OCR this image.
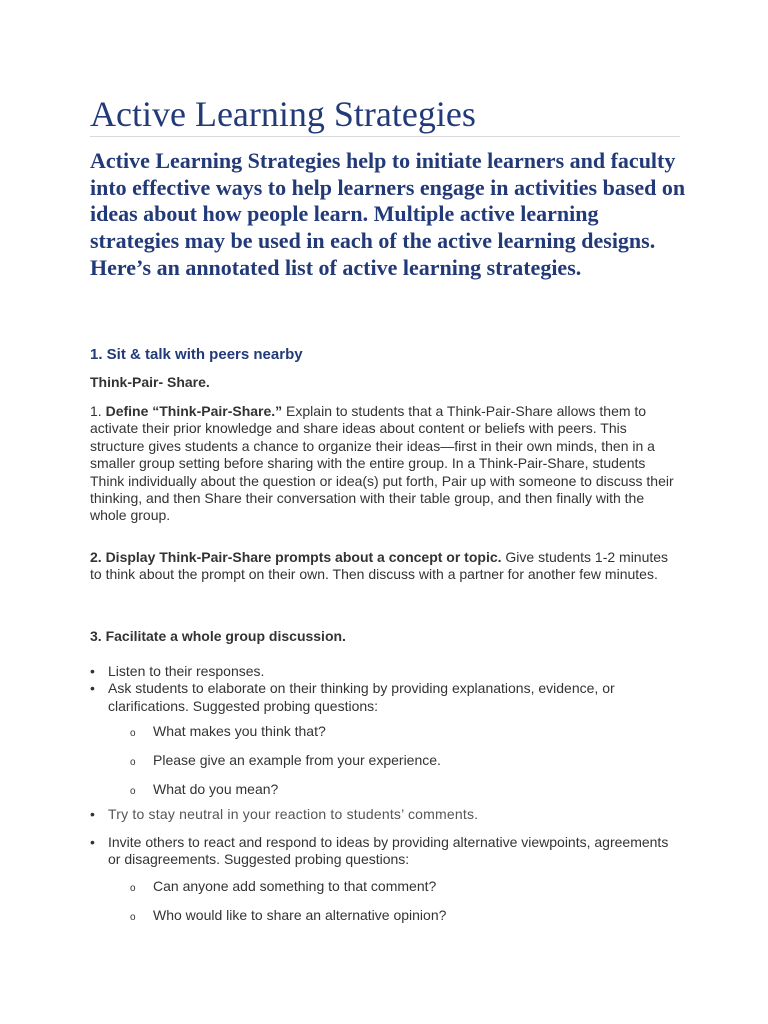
Active Learning Strategies

Active Learning Strategies help to initiate learners and faculty into effective ways to help learners engage in activities based on ideas about how people learn. Multiple active learning strategies may be used in each of the active learning designs. Here’s an annotated list of active learning strategies.

1. Sit & talk with peers nearby

Think-Pair- Share.

1. Define “Think-Pair-Share.” Explain to students that a Think-Pair-Share allows them to activate their prior knowledge and share ideas about content or beliefs with peers. This structure gives students a chance to organize their ideas—first in their own minds, then in a smaller group setting before sharing with the entire group. In a Think-Pair-Share, students Think individually about the question or idea(s) put forth, Pair up with someone to discuss their thinking, and then Share their conversation with their table group, and then finally with the whole group.

2. Display Think-Pair-Share prompts about a concept or topic. Give students 1-2 minutes to think about the prompt on their own. Then discuss with a partner for another few minutes.

3. Facilitate a whole group discussion.

• Listen to their responses.
• Ask students to elaborate on their thinking by providing explanations, evidence, or clarifications. Suggested probing questions:
o What makes you think that?
o Please give an example from your experience.
o What do you mean?
• Try to stay neutral in your reaction to students’ comments.
• Invite others to react and respond to ideas by providing alternative viewpoints, agreements or disagreements. Suggested probing questions:
o Can anyone add something to that comment?
o Who would like to share an alternative opinion?
